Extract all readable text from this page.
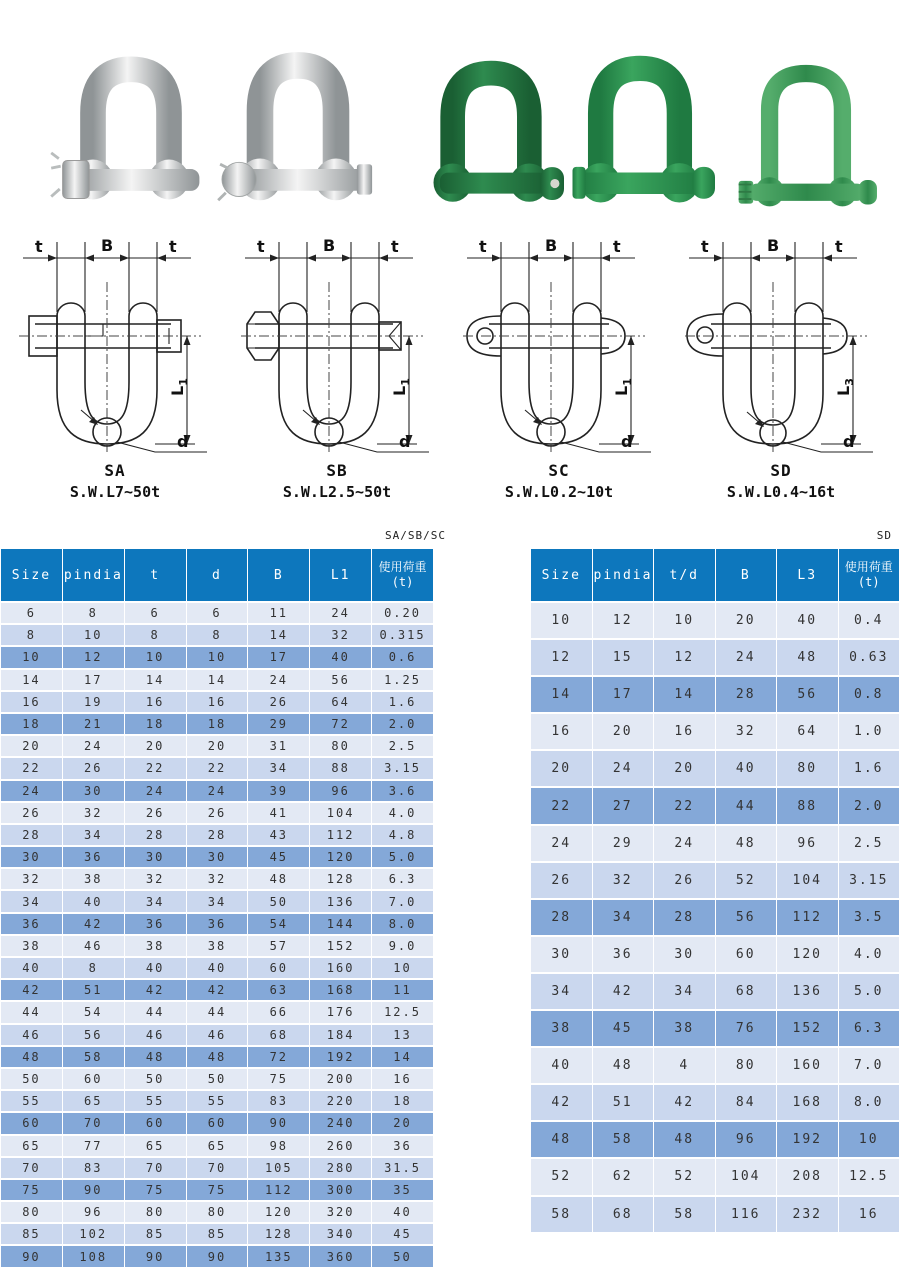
t	B	t
$L_1$
d
SA
S.W.L7~50t
t	B	t
$L_1$
d
SB
S.W.L2.5~50t
t	B	t
$L_1$
d
SC
S.W.L0.2~10t
t	B	t
$L_3$
d
SD
S.W.L0.4~16t
SA/SB/SC	SD
Size	pindia	t	d	B	L1	使用荷重
(t)
6	8	6	6	11	24	0.20
8	10	8	8	14	32	0.315
10	12	10	10	17	40	0.6
14	17	14	14	24	56	1.25
16	19	16	16	26	64	1.6
18	21	18	18	29	72	2.0
20	24	20	20	31	80	2.5
22	26	22	22	34	88	3.15
24	30	24	24	39	96	3.6
26	32	26	26	41	104	4.0
28	34	28	28	43	112	4.8
30	36	30	30	45	120	5.0
32	38	32	32	48	128	6.3
34	40	34	34	50	136	7.0
36	42	36	36	54	144	8.0
38	46	38	38	57	152	9.0
40	8	40	40	60	160	10
42	51	42	42	63	168	11
44	54	44	44	66	176	12.5
46	56	46	46	68	184	13
48	58	48	48	72	192	14
50	60	50	50	75	200	16
55	65	55	55	83	220	18
60	70	60	60	90	240	20
65	77	65	65	98	260	36
70	83	70	70	105	280	31.5
75	90	75	75	112	300	35
80	96	80	80	120	320	40
85	102	85	85	128	340	45
90	108	90	90	135	360	50
Size	pindia	t/d	B	L3	使用荷重
(t)
10	12	10	20	40	0.4
12	15	12	24	48	0.63
14	17	14	28	56	0.8
16	20	16	32	64	1.0
20	24	20	40	80	1.6
22	27	22	44	88	2.0
24	29	24	48	96	2.5
26	32	26	52	104	3.15
28	34	28	56	112	3.5
30	36	30	60	120	4.0
34	42	34	68	136	5.0
38	45	38	76	152	6.3
40	48	4	80	160	7.0
42	51	42	84	168	8.0
48	58	48	96	192	10
52	62	52	104	208	12.5
58	68	58	116	232	16
